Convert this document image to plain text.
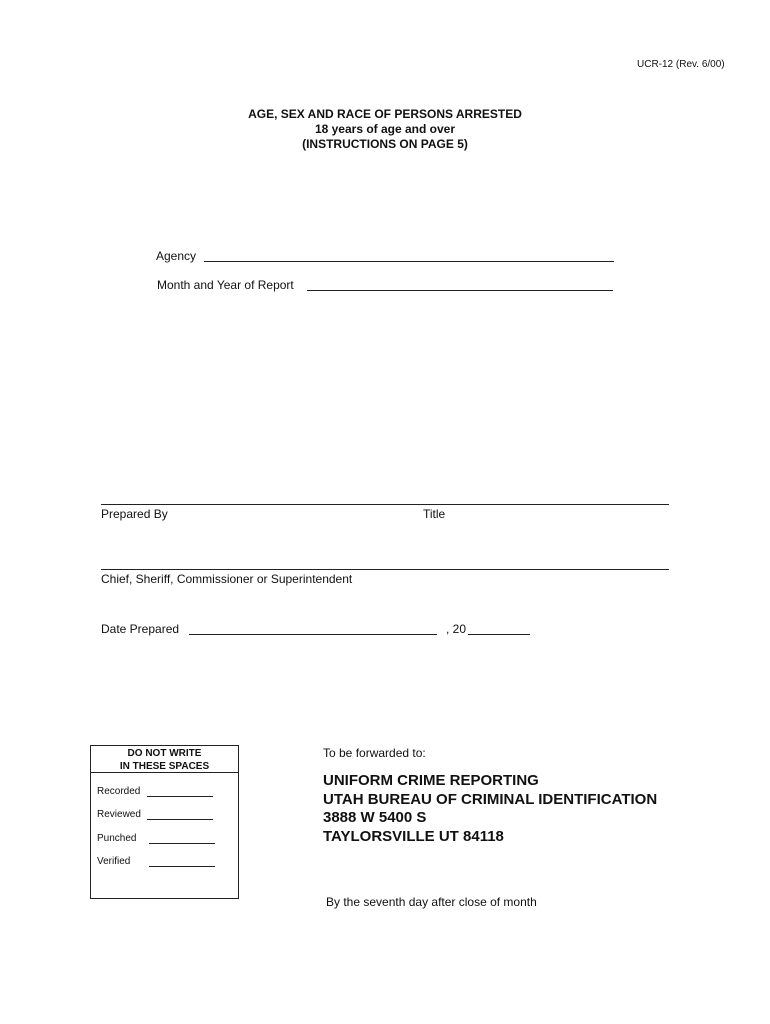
UCR-12 (Rev. 6/00)
AGE, SEX AND RACE OF PERSONS ARRESTED
18 years of age and over
(INSTRUCTIONS ON PAGE 5)
Agency
Month and Year of Report
Prepared By	Title
Chief, Sheriff, Commissioner or Superintendent
Date Prepared	, 20
DO NOT WRITE
IN THESE SPACES
Recorded
Reviewed
Punched
Verified
To be forwarded to:
UNIFORM CRIME REPORTING
UTAH BUREAU OF CRIMINAL IDENTIFICATION
3888 W 5400 S
TAYLORSVILLE UT 84118
By the seventh day after close of month
